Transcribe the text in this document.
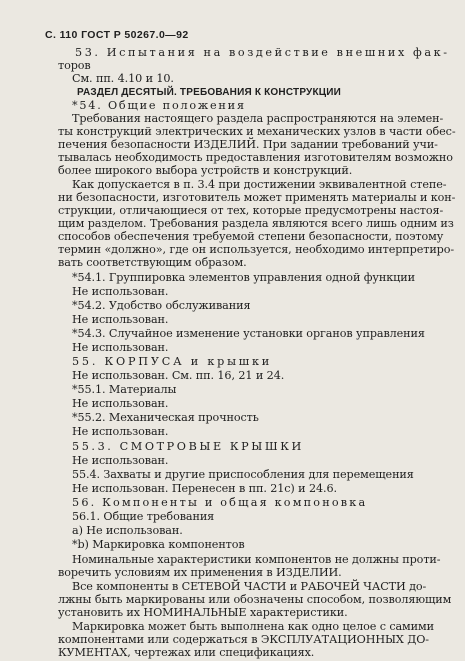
С. 110 ГОСТ Р 50267.0—92
53. Испытания на воздействие внешних фак-
торов
См. пп. 4.10 и 10.
РАЗДЕЛ ДЕСЯТЫЙ. ТРЕБОВАНИЯ К КОНСТРУКЦИИ
*54. Общие положения
Требования настоящего раздела распространяются на элемен-
ты конструкций электрических и механических узлов в части обес-
печения безопасности ИЗДЕЛИЙ. При задании требований учи-
тывалась необходимость предоставления изготовителям возможно
более широкого выбора устройств и конструкций.
Как допускается в п. 3.4 при достижении эквивалентной степе-
ни безопасности, изготовитель может применять материалы и кон-
струкции, отличающиеся от тех, которые предусмотрены настоя-
щим разделом. Требования раздела являются всего лишь одним из
способов обеспечения требуемой степени безопасности, поэтому
термин «должно», где он используется, необходимо интерпретиро-
вать соответствующим образом.
*54.1. Группировка элементов управления одной функции
Не использован.
*54.2. Удобство обслуживания
Не использован.
*54.3. Случайное изменение установки органов управления
Не использован.
55. КОРПУСА и крышки
Не использован. См. пп. 16, 21 и 24.
*55.1. Материалы
Не использован.
*55.2. Механическая прочность
Не использован.
55.3. СМОТРОВЫЕ КРЫШКИ
Не использован.
55.4. Захваты и другие приспособления для перемещения
Не использован. Перенесен в пп. 21с) и 24.6.
56. Компоненты и общая компоновка
56.1. Общие требования
а) Не использован.
*b) Маркировка компонентов
Номинальные характеристики компонентов не должны проти-
воречить условиям их применения в ИЗДЕЛИИ.
Все компоненты в СЕТЕВОЙ ЧАСТИ и РАБОЧЕЙ ЧАСТИ до-
лжны быть маркированы или обозначены способом, позволяющим
установить их НОМИНАЛЬНЫЕ характеристики.
Маркировка может быть выполнена как одно целое с самими
компонентами или содержаться в ЭКСПЛУАТАЦИОННЫХ ДО-
КУМЕНТАХ, чертежах или спецификациях.
